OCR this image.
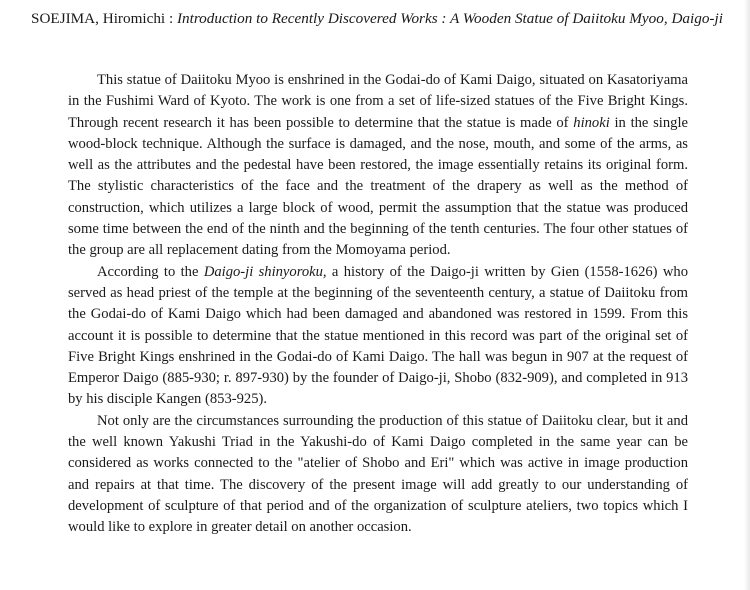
SOEJIMA, Hiromichi : Introduction to Recently Discovered Works : A Wooden Statue of Daiitoku Myoo, Daigo-ji

This statue of Daiitoku Myoo is enshrined in the Godai-do of Kami Daigo, situated on Kasatoriyama in the Fushimi Ward of Kyoto. The work is one from a set of life-sized statues of the Five Bright Kings. Through recent research it has been possible to determine that the statue is made of hinoki in the single wood-block technique. Although the surface is damaged, and the nose, mouth, and some of the arms, as well as the attributes and the pedestal have been restored, the image essentially retains its original form. The stylistic characteristics of the face and the treatment of the drapery as well as the method of construction, which utilizes a large block of wood, permit the assumption that the statue was produced some time between the end of the ninth and the beginning of the tenth centuries. The four other statues of the group are all replacement dating from the Momoyama period.

According to the Daigo-ji shinyoroku, a history of the Daigo-ji written by Gien (1558-1626) who served as head priest of the temple at the beginning of the seventeenth century, a statue of Daiitoku from the Godai-do of Kami Daigo which had been damaged and abandoned was restored in 1599. From this account it is possible to determine that the statue mentioned in this record was part of the original set of Five Bright Kings enshrined in the Godai-do of Kami Daigo. The hall was begun in 907 at the request of Emperor Daigo (885-930; r. 897-930) by the founder of Daigo-ji, Shobo (832-909), and completed in 913 by his disciple Kangen (853-925).

Not only are the circumstances surrounding the production of this statue of Daiitoku clear, but it and the well known Yakushi Triad in the Yakushi-do of Kami Daigo completed in the same year can be considered as works connected to the "atelier of Shobo and Eri" which was active in image production and repairs at that time. The discovery of the present image will add greatly to our understanding of development of sculpture of that period and of the organization of sculpture ateliers, two topics which I would like to explore in greater detail on another occasion.
